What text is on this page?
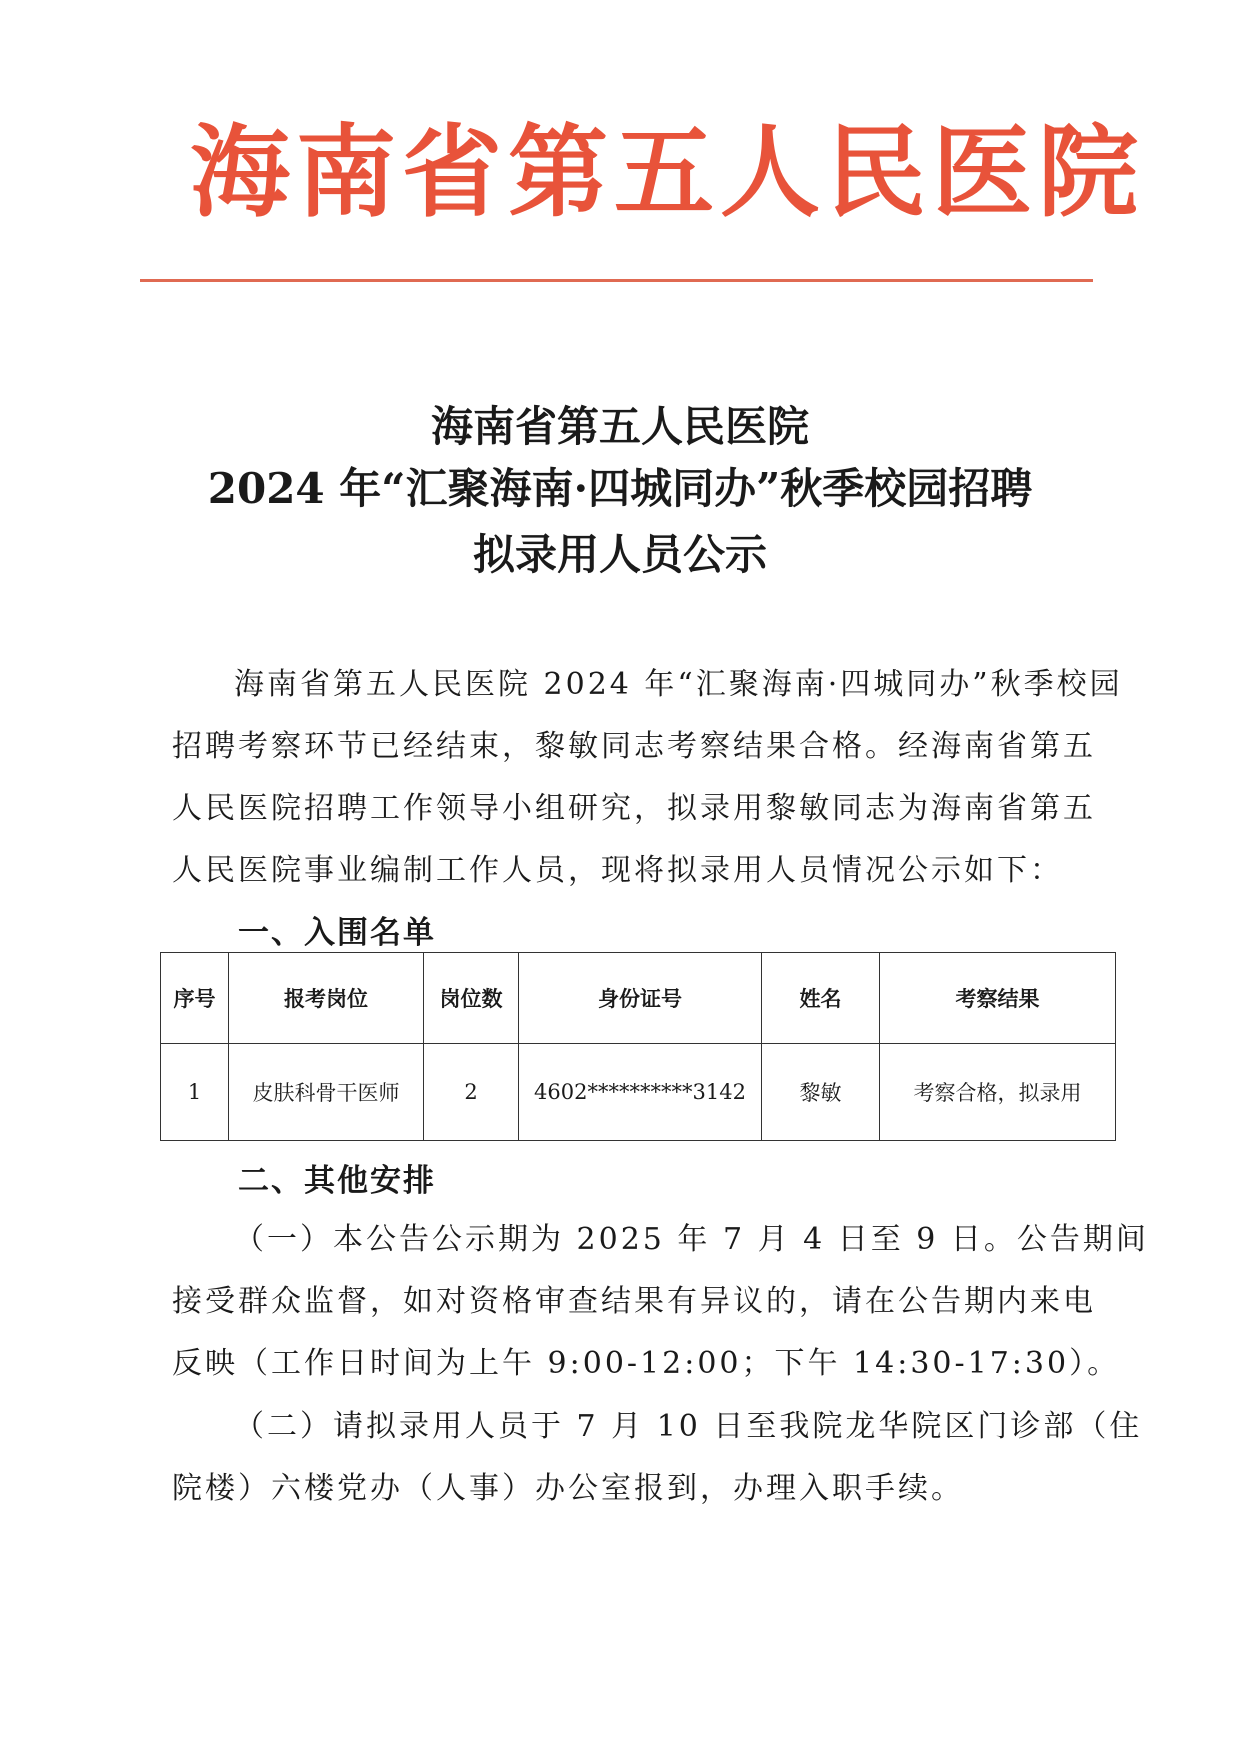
海南省第五人民医院
海南省第五人民医院
2024 年“汇聚海南·四城同办”秋季校园招聘
拟录用人员公示
海南省第五人民医院 2024 年“汇聚海南·四城同办”秋季校园
招聘考察环节已经结束，黎敏同志考察结果合格。经海南省第五
人民医院招聘工作领导小组研究，拟录用黎敏同志为海南省第五
人民医院事业编制工作人员，现将拟录用人员情况公示如下：
一、入围名单
序号	报考岗位	岗位数	身份证号	姓名	考察结果
1	皮肤科骨干医师	2	4602**********3142	黎敏	考察合格，拟录用
二、其他安排
（一）本公告公示期为 2025 年 7 月 4 日至 9 日。公告期间
接受群众监督，如对资格审查结果有异议的，请在公告期内来电
反映（工作日时间为上午 9:00-12:00；下午 14:30-17:30）。
（二）请拟录用人员于 7 月 10 日至我院龙华院区门诊部（住
院楼）六楼党办（人事）办公室报到，办理入职手续。
